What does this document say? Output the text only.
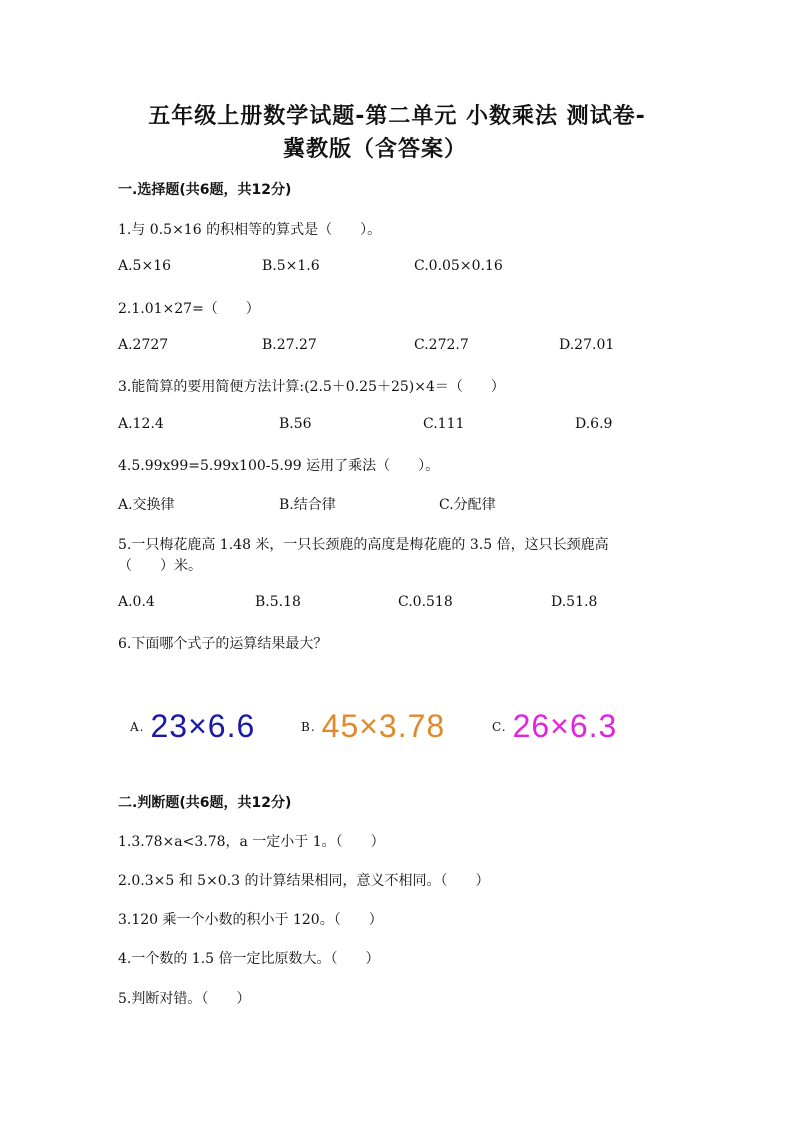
五年级上册数学试题-第二单元 小数乘法 测试卷-
冀教版（含答案）
一.选择题(共6题，共12分)
1.与 0.5×16 的积相等的算式是（　　）。
A.5×16	B.5×1.6	C.0.05×0.16
2.1.01×27=（　　）
A.2727	B.27.27	C.272.7	D.27.01
3.能简算的要用简便方法计算:(2.5＋0.25＋25)×4＝（　　）
A.12.4	B.56	C.111	D.6.9
4.5.99x99=5.99x100-5.99 运用了乘法（　　）。
A.交换律	B.结合律	C.分配律
5.一只梅花鹿高 1.48 米，一只长颈鹿的高度是梅花鹿的 3.5 倍，这只长颈鹿高
（　　）米。
A.0.4	B.5.18	C.0.518	D.51.8
6.下面哪个式子的运算结果最大？
A. 23×6.6	B. 45×3.78	C. 26×6.3
二.判断题(共6题，共12分)
1.3.78×a<3.78，a 一定小于 1。（　　）
2.0.3×5 和 5×0.3 的计算结果相同，意义不相同。（　　）
3.120 乘一个小数的积小于 120。（　　）
4.一个数的 1.5 倍一定比原数大。（　　）
5.判断对错。（　　）
